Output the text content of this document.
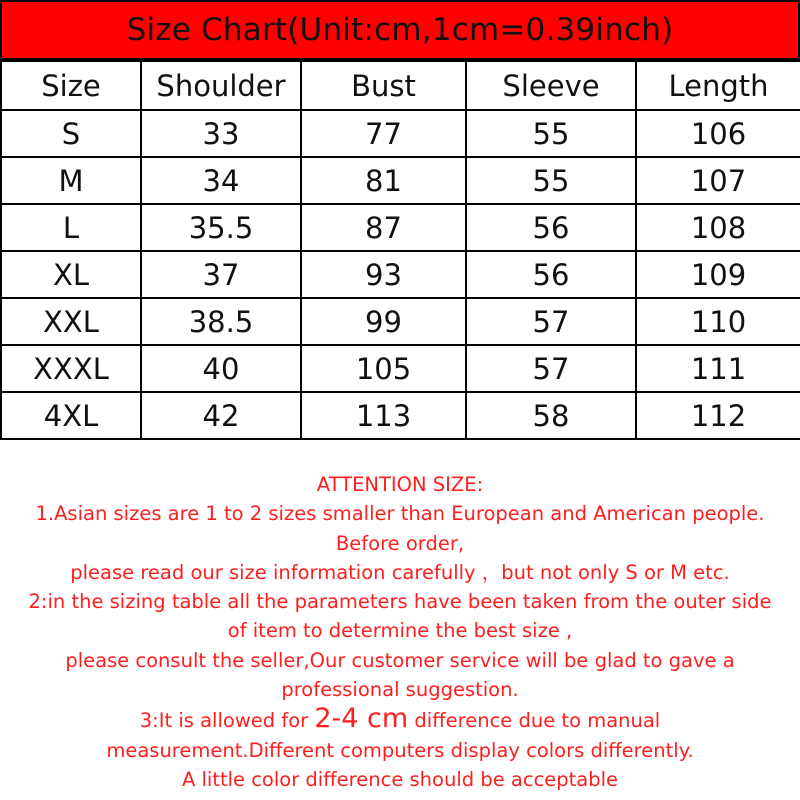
Size Chart(Unit:cm,1cm=0.39inch)
Size	Shoulder	Bust	Sleeve	Length
S	33	77	55	106
M	34	81	55	107
L	35.5	87	56	108
XL	37	93	56	109
XXL	38.5	99	57	110
XXXL	40	105	57	111
4XL	42	113	58	112
ATTENTION SIZE:
1.Asian sizes are 1 to 2 sizes smaller than European and American people.
Before order,
please read our size information carefully ，but not only S or M etc.
2:in the sizing table all the parameters have been taken from the outer side
of item to determine the best size ,
please consult the seller,Our customer service will be glad to gave a
professional suggestion.
3:It is allowed for 2-4 cm difference due to manual
measurement.Different computers display colors differently.
A little color difference should be acceptable
